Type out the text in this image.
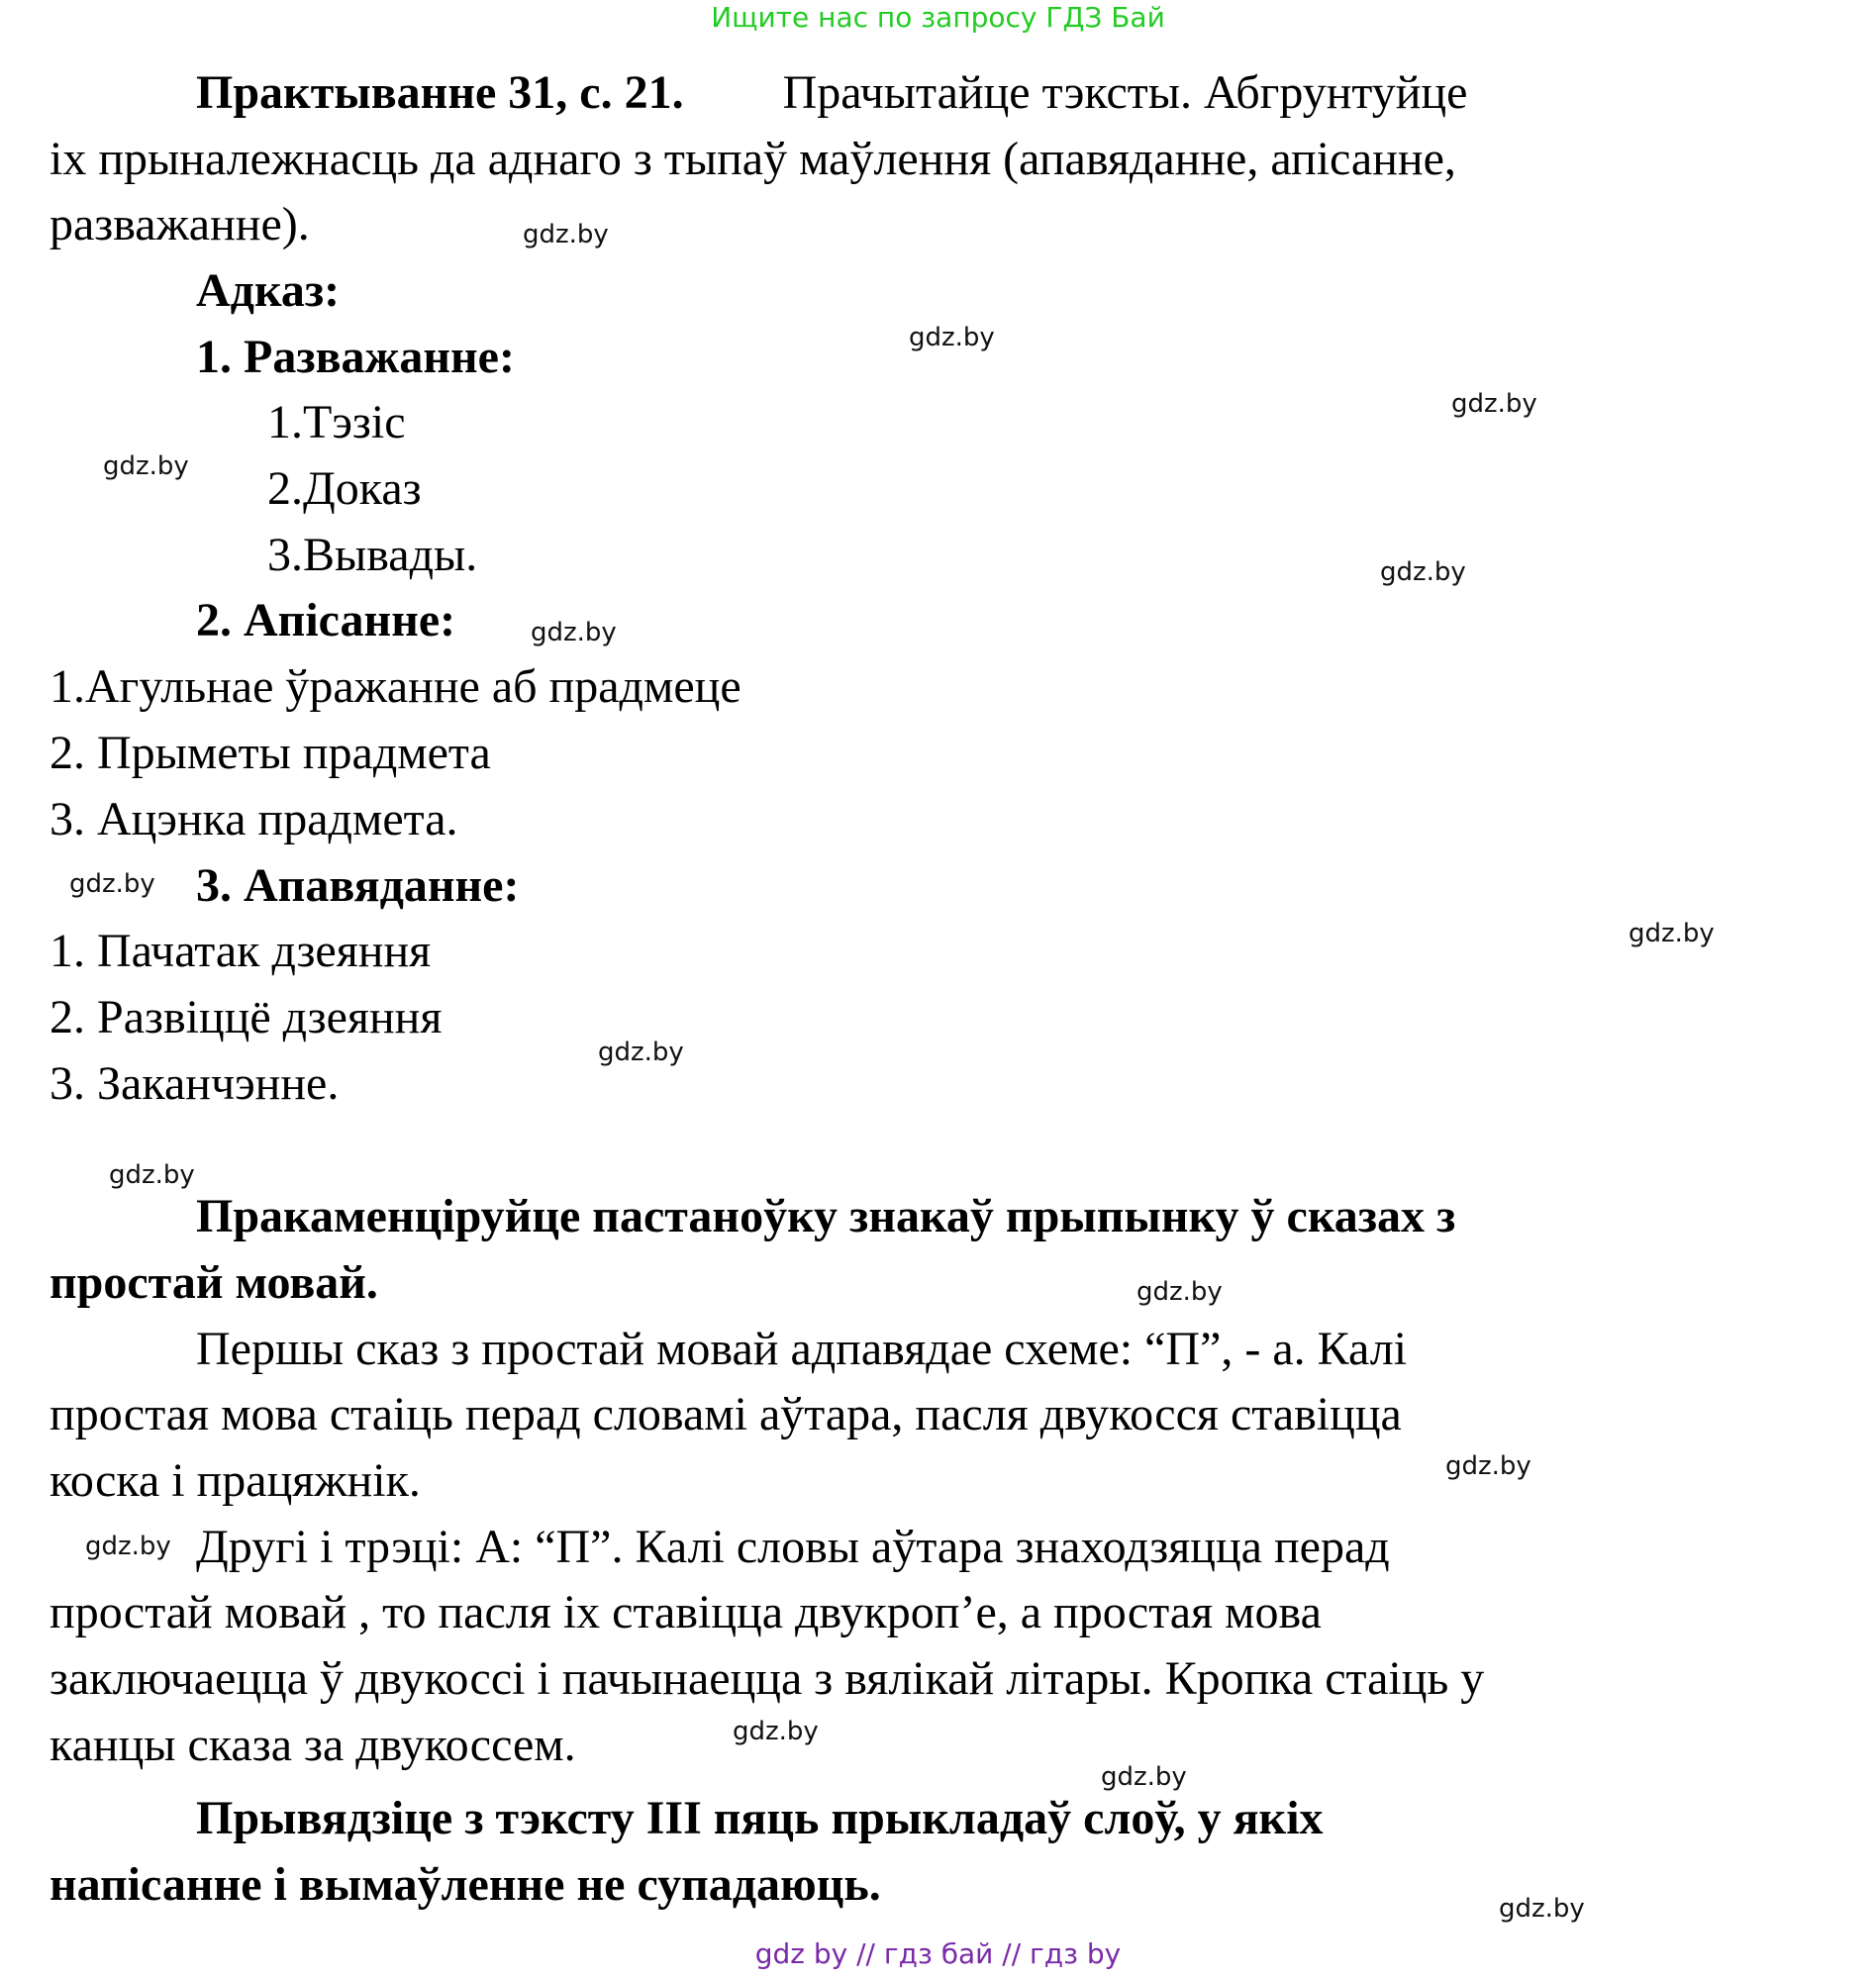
Ищите нас по запросу ГДЗ Бай
Практыванне 31, с. 21. Прачытайце тэксты. Абгрунтуйце
іх прыналежнасць да аднаго з тыпаў маўлення (апавяданне, апісанне,
разважанне).
Адказ:
1. Разважанне:
1.Тэзіс
2.Доказ
3.Вывады.
2. Апісанне:
1.Агульнае ўражанне аб прадмеце
2. Прыметы прадмета
3. Ацэнка прадмета.
3. Апавяданне:
1. Пачатак дзеяння
2. Развіццё дзеяння
3. Заканчэнне.
Пракаменціруйце пастаноўку знакаў прыпынку ў сказах з
простай мовай.
Першы сказ з простай мовай адпавядае схеме: “П”, - а. Калі
простая мова стаіць перад словамі аўтара, пасля двукосся ставіцца
коска і працяжнік.
Другі і трэці: А: “П”. Калі словы аўтара знаходзяцца перад
простай мовай , то пасля іх ставіцца двукроп’е, а простая мова
заключаецца ў двукоссі і пачынаецца з вялікай літары. Кропка стаіць у
канцы сказа за двукоссем.
Прывядзіце з тэксту III пяць прыкладаў слоў, у якіх
напісанне і вымаўленне не супадаюць.
gdz.by
gdz.by
gdz.by
gdz.by
gdz.by
gdz.by
gdz.by
gdz.by
gdz.by
gdz.by
gdz.by
gdz.by
gdz.by
gdz.by
gdz.by
gdz.by
gdz by // гдз бай // гдз by
